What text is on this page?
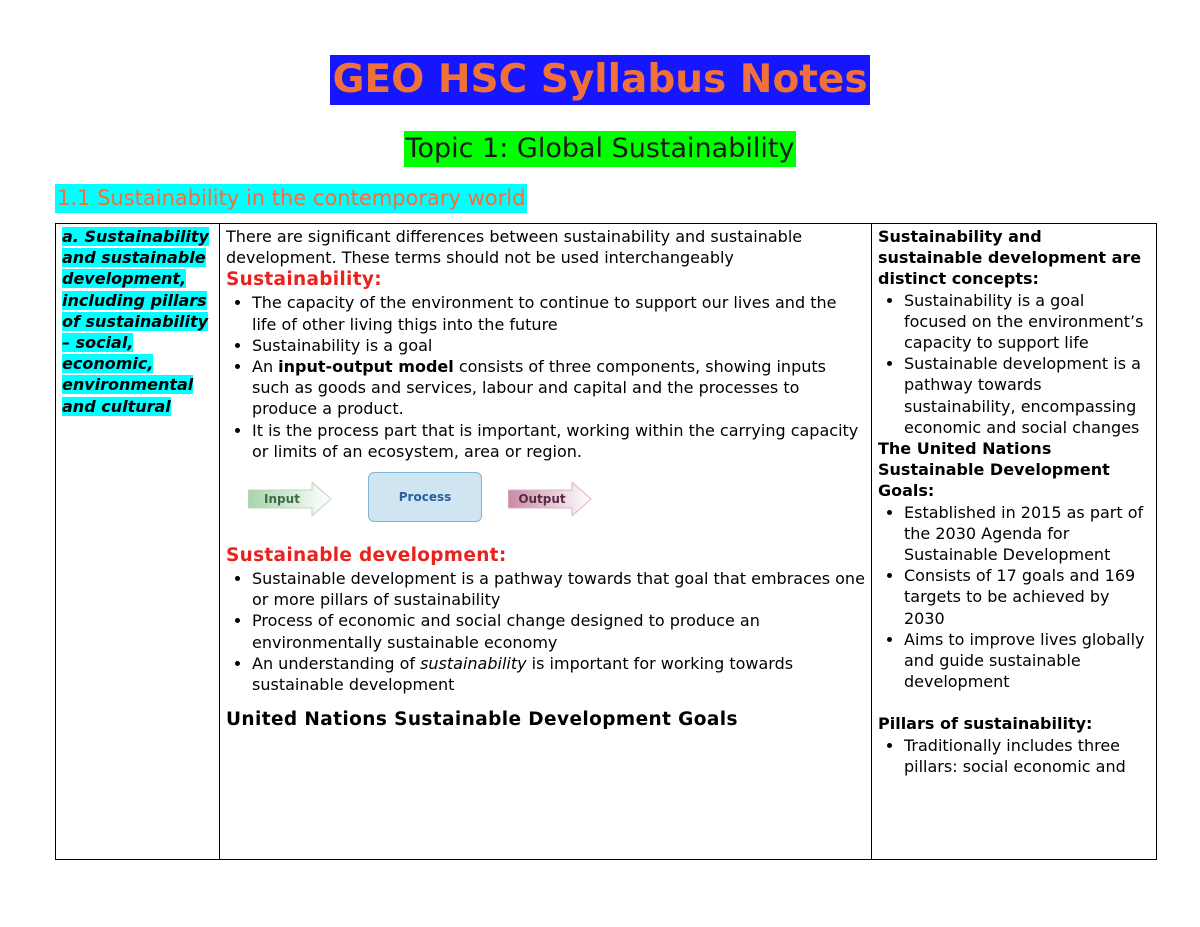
GEO HSC Syllabus Notes
Topic 1: Global Sustainability
1.1 Sustainability in the contemporary world
a. Sustainability and sustainable development, including pillars of sustainability – social, economic, environmental and cultural	
There are significant differences between sustainability and sustainable development. These terms should not be used interchangeably
Sustainability:
• The capacity of the environment to continue to support our lives and the life of other living thigs into the future
• Sustainability is a goal
• An input-output model consists of three components, showing inputs such as goods and services, labour and capital and the processes to produce a product.
• It is the process part that is important, working within the carrying capacity or limits of an ecosystem, area or region.
Input	Process	Output
Sustainable development:
• Sustainable development is a pathway towards that goal that embraces one or more pillars of sustainability
• Process of economic and social change designed to produce an environmentally sustainable economy
• An understanding of sustainability is important for working towards sustainable development
United Nations Sustainable Development Goals

Sustainability and sustainable development are distinct concepts:
• Sustainability is a goal focused on the environment’s capacity to support life
• Sustainable development is a pathway towards sustainability, encompassing economic and social changes
The United Nations Sustainable Development Goals:
• Established in 2015 as part of the 2030 Agenda for Sustainable Development
• Consists of 17 goals and 169 targets to be achieved by 2030
• Aims to improve lives globally and guide sustainable development
Pillars of sustainability:
• Traditionally includes three pillars: social economic and
